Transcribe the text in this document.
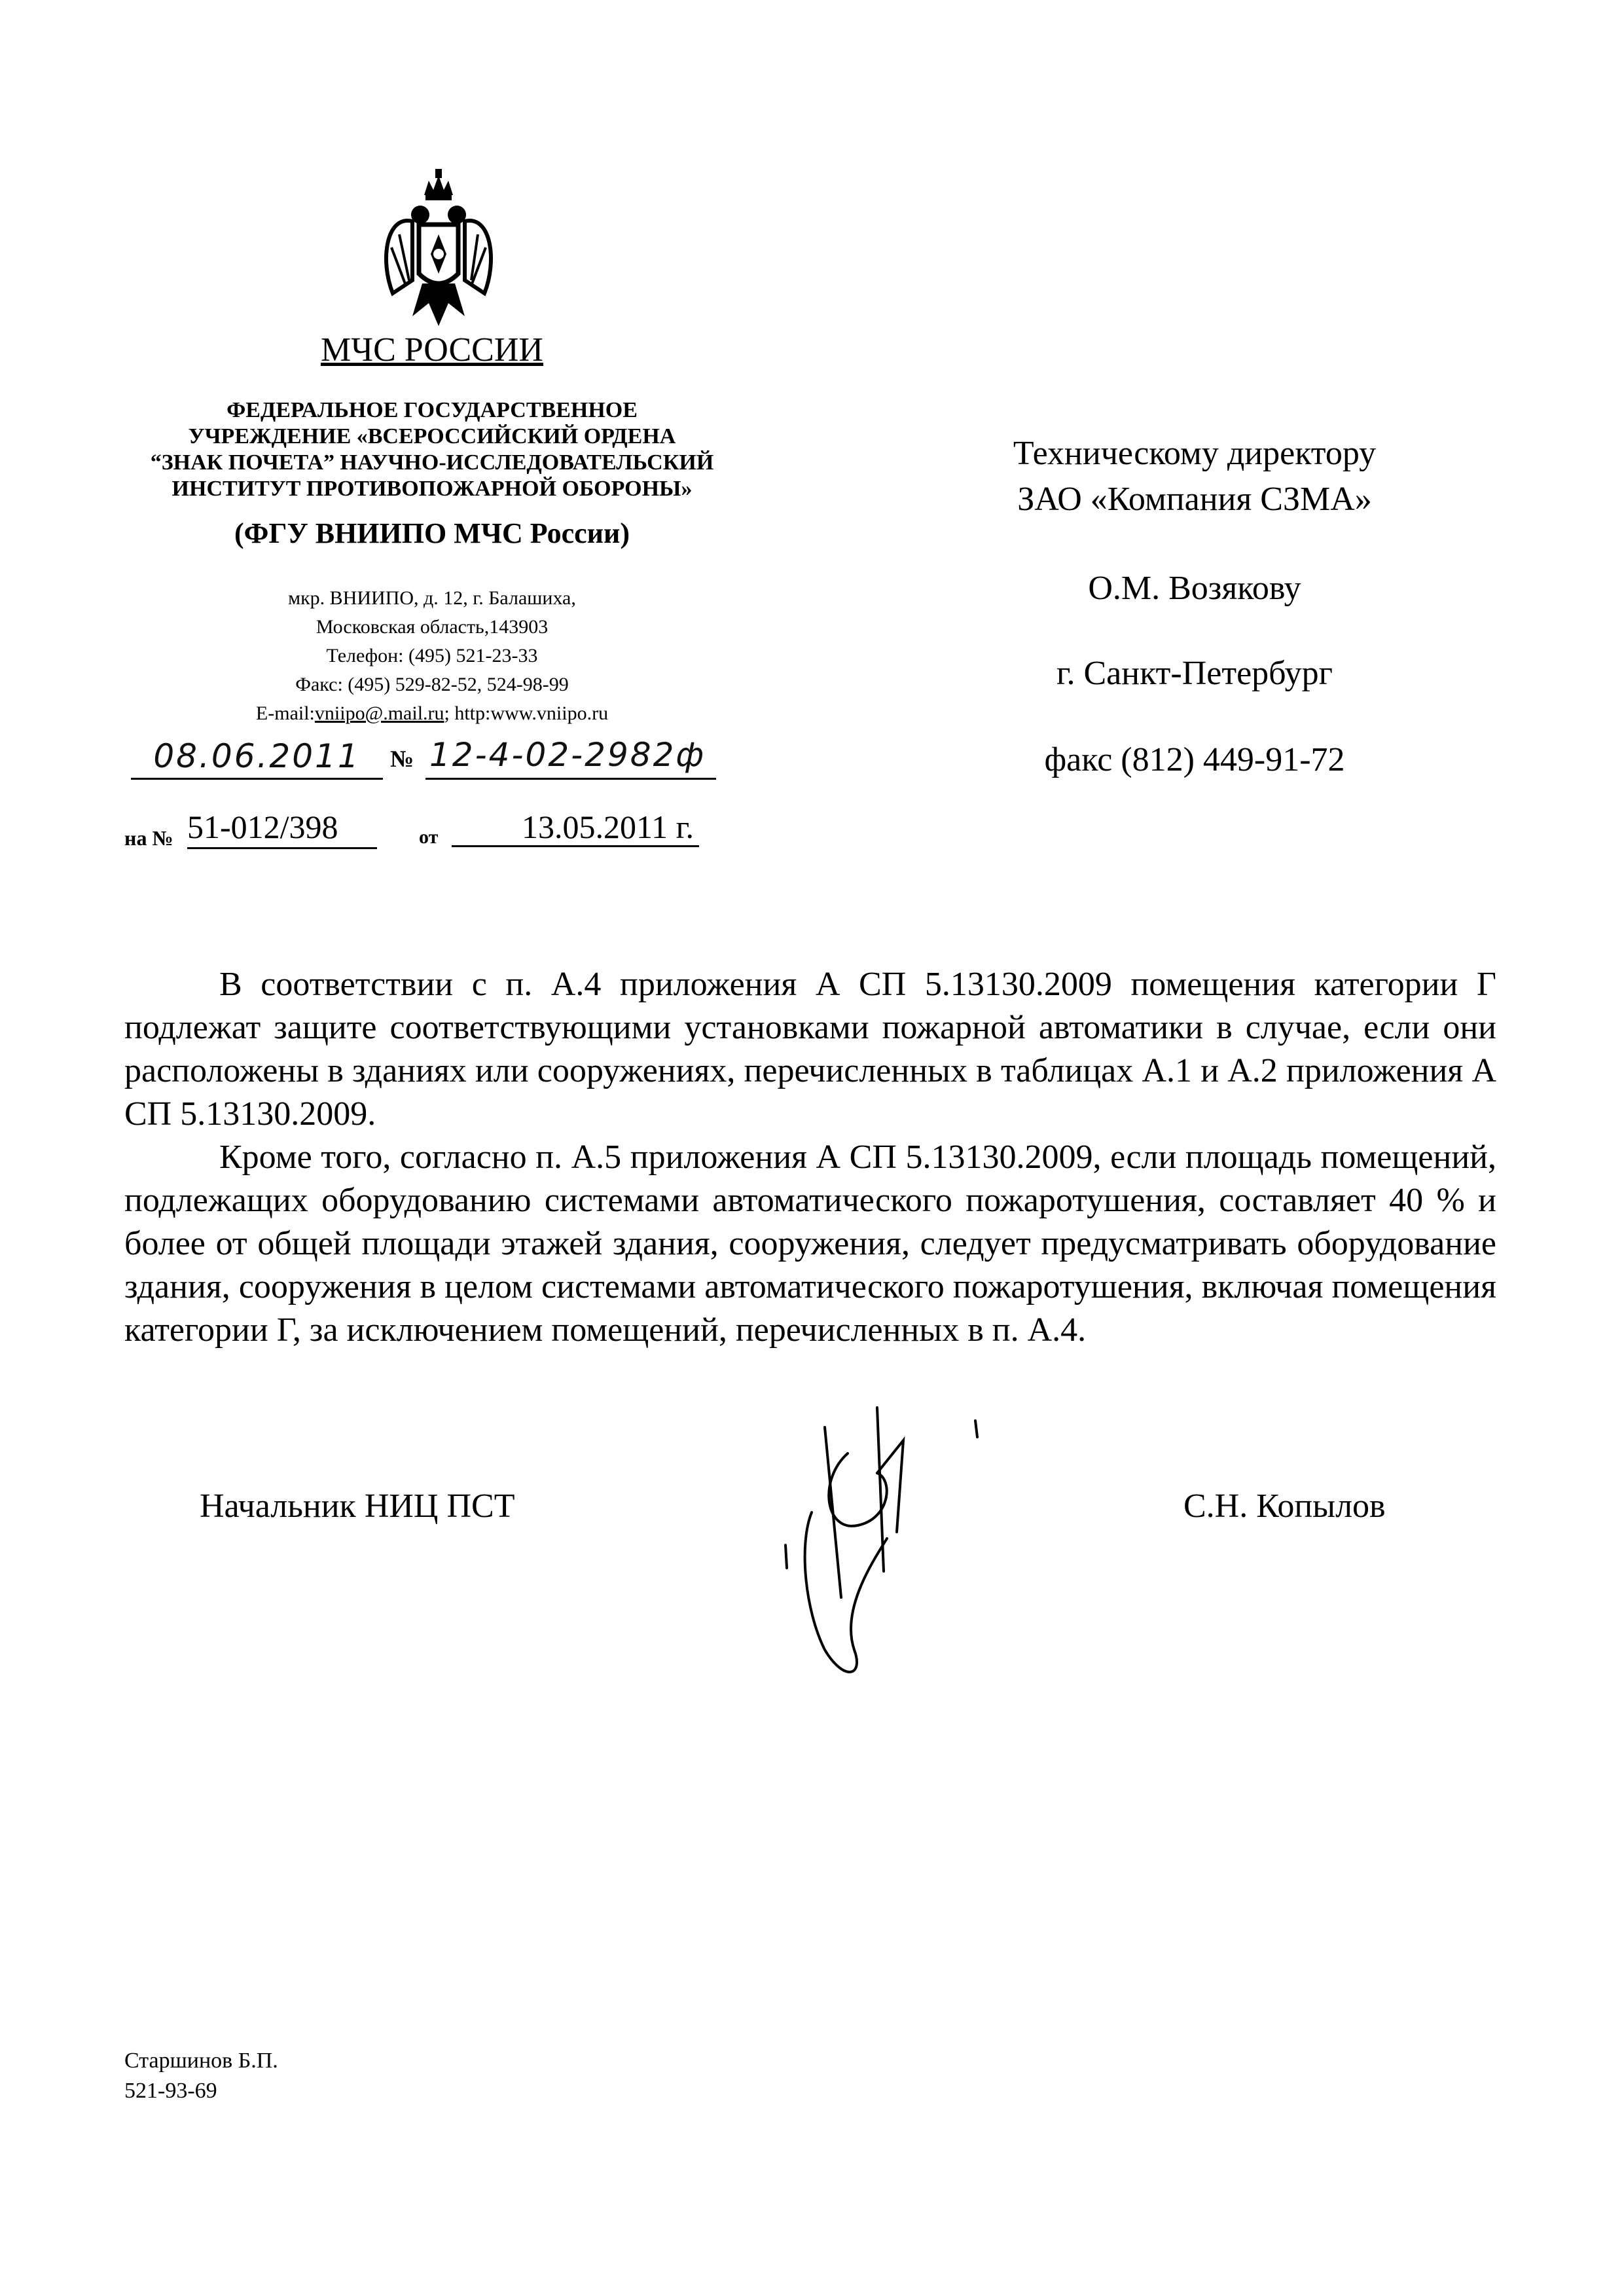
МЧС РОССИИ
ФЕДЕРАЛЬНОЕ ГОСУДАРСТВЕННОЕ
УЧРЕЖДЕНИЕ «ВСЕРОССИЙСКИЙ ОРДЕНА
“ЗНАК ПОЧЕТА” НАУЧНО-ИССЛЕДОВАТЕЛЬСКИЙ
ИНСТИТУТ ПРОТИВОПОЖАРНОЙ ОБОРОНЫ»
(ФГУ ВНИИПО МЧС России)
мкр. ВНИИПО, д. 12, г. Балашиха,
Московская область,143903
Телефон: (495) 521-23-33
Факс: (495) 529-82-52, 524-98-99
E-mail:vniipo@.mail.ru; http:www.vniipo.ru
08.06.2011	№ 12-4-02-2982ф
на № 51-012/398	от	13.05.2011 г.
Техническому директору
ЗАО «Компания СЗМА»
О.М. Возякову
г. Санкт-Петербург
факс (812) 449-91-72

В соответствии с п. А.4 приложения А СП 5.13130.2009 помещения категории Г подлежат защите соответствующими установками пожарной автоматики в случае, если они расположены в зданиях или сооружениях, перечисленных в таблицах А.1 и А.2 приложения А СП 5.13130.2009.

Кроме того, согласно п. А.5 приложения А СП 5.13130.2009, если площадь помещений, подлежащих оборудованию системами автоматического пожаротушения, составляет 40 % и более от общей площади этажей здания, сооружения, следует предусматривать оборудование здания, сооружения в целом системами автоматического пожаротушения, включая помещения категории Г, за исключением помещений, перечисленных в п. А.4.

Начальник НИЦ ПСТ	С.Н. Копылов
Старшинов Б.П.
521-93-69
